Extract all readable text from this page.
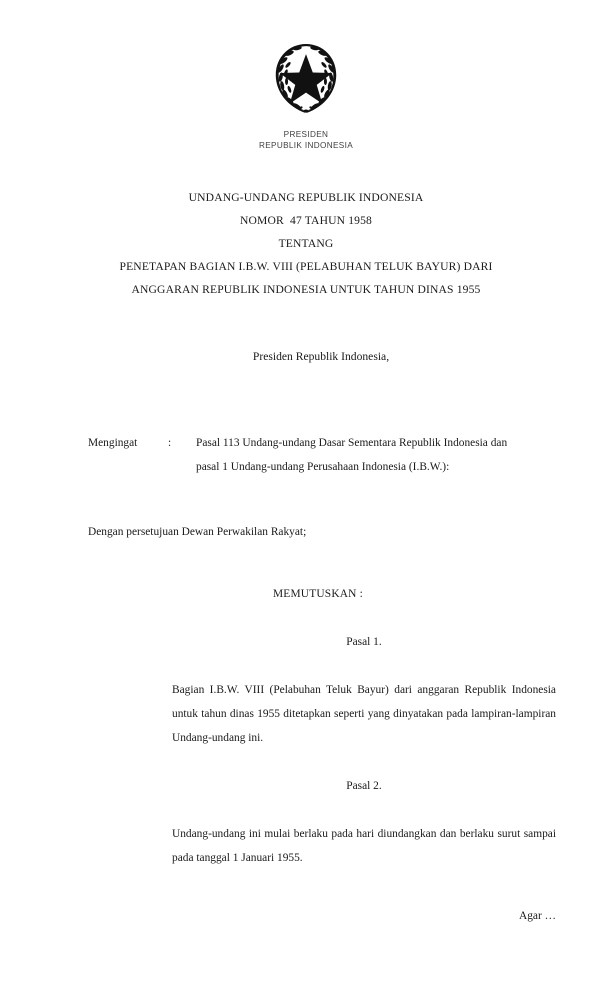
PRESIDEN
REPUBLIK INDONESIA
UNDANG-UNDANG REPUBLIK INDONESIA
NOMOR  47 TAHUN 1958
TENTANG
PENETAPAN BAGIAN I.B.W. VIII (PELABUHAN TELUK BAYUR) DARI
ANGGARAN REPUBLIK INDONESIA UNTUK TAHUN DINAS 1955
Presiden Republik Indonesia,
Mengingat	:	Pasal 113 Undang-undang Dasar Sementara Republik Indonesia dan

pasal 1 Undang-undang Perusahaan Indonesia (I.B.W.):

Dengan persetujuan Dewan Perwakilan Rakyat;
MEMUTUSKAN :
Pasal 1.
Bagian I.B.W. VIII (Pelabuhan Teluk Bayur) dari anggaran Republik Indonesia untuk tahun dinas 1955 ditetapkan seperti yang dinyatakan pada lampiran-lampiran Undang-undang ini.
Pasal 2.
Undang-undang ini mulai berlaku pada hari diundangkan dan berlaku surut sampai pada tanggal 1 Januari 1955.
Agar …
